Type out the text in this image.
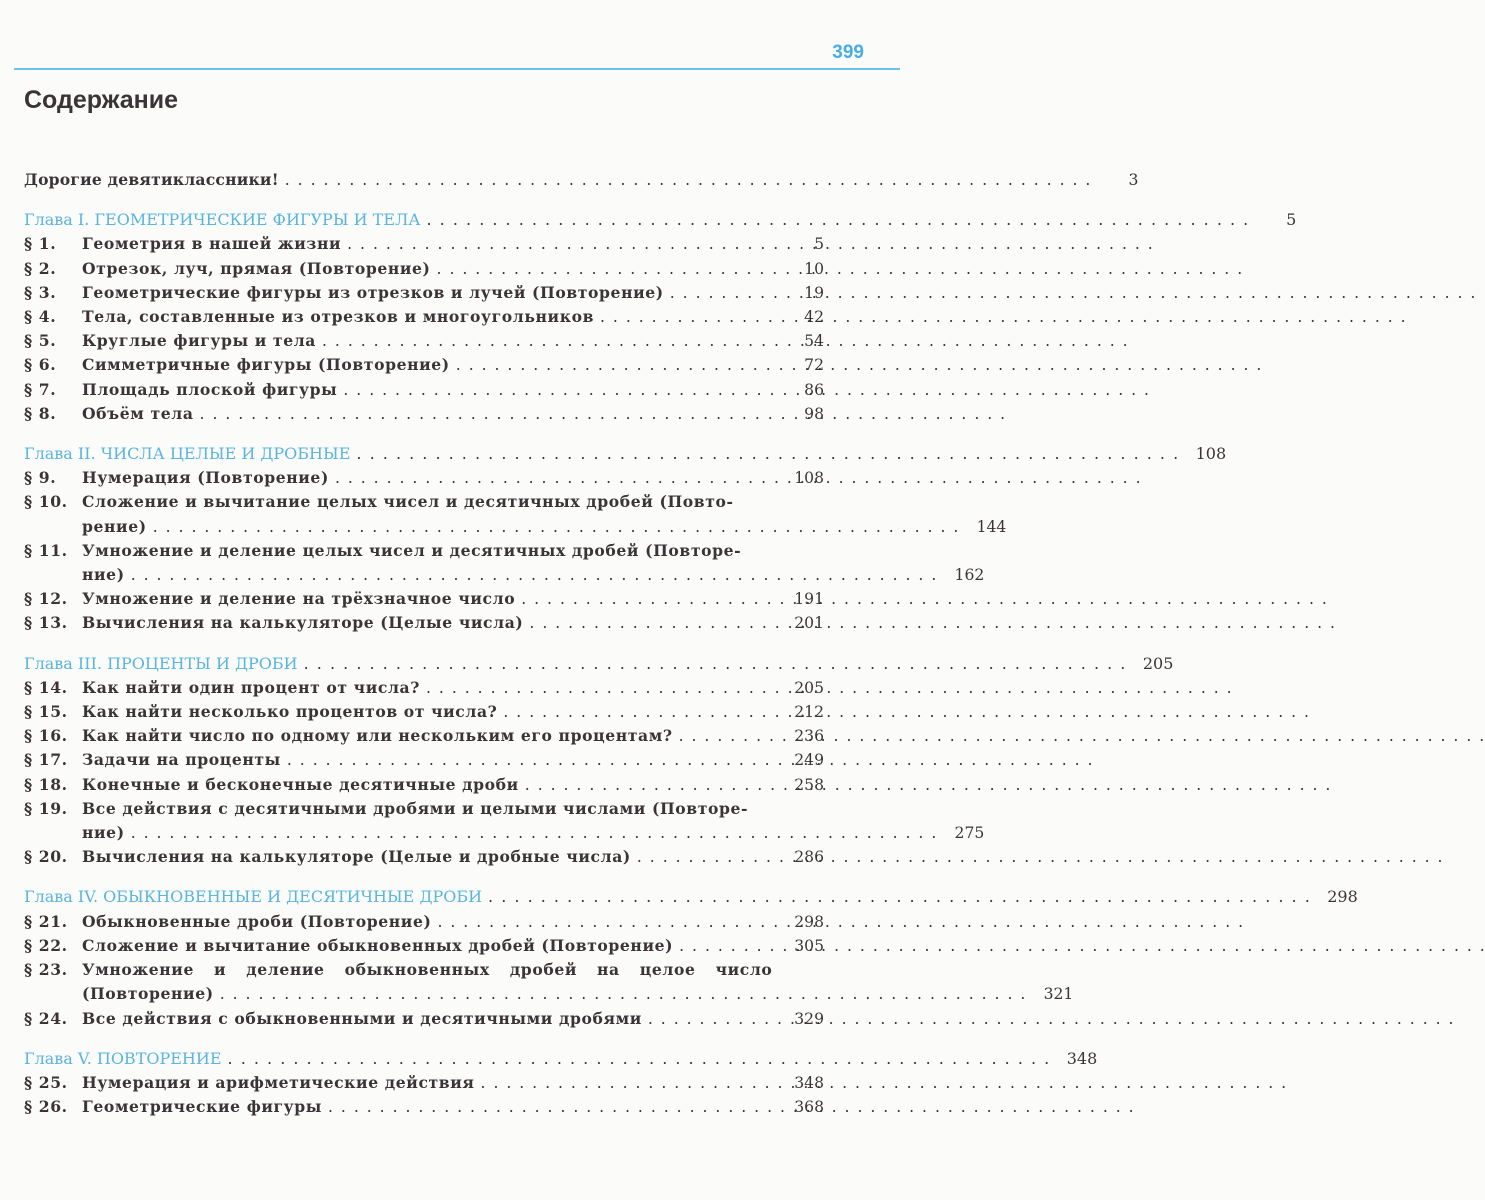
399
Содержание
Дорогие девятиклассники! . . .	3
Глава I. ГЕОМЕТРИЧЕСКИЕ ФИГУРЫ И ТЕЛА . . .	5
§ 1.	Геометрия в нашей жизни . . .	5
§ 2.	Отрезок, луч, прямая (Повторение) . . .	10
§ 3.	Геометрические фигуры из отрезков и лучей (Повторение) . . .	19
§ 4.	Тела, составленные из отрезков и многоугольников . . .	42
§ 5.	Круглые фигуры и тела . . .	54
§ 6.	Симметричные фигуры (Повторение) . . .	72
§ 7.	Площадь плоской фигуры . . .	86
§ 8.	Объём тела . . .	98
Глава II. ЧИСЛА ЦЕЛЫЕ И ДРОБНЫЕ . . .	108
§ 9.	Нумерация (Повторение) . . .	108
§ 10. Сложение и вычитание целых чисел и десятичных дробей (Повто-
рение) . . .	144
§ 11. Умножение и деление целых чисел и десятичных дробей (Повторе-
ние) . . .	162
§ 12. Умножение и деление на трёхзначное число . . .	191
§ 13. Вычисления на калькуляторе (Целые числа) . . .	201
Глава III. ПРОЦЕНТЫ И ДРОБИ . . .	205
§ 14. Как найти один процент от числа? . . .	205
§ 15. Как найти несколько процентов от числа? . . .	212
§ 16. Как найти число по одному или нескольким его процентам? . . .	236
§ 17. Задачи на проценты . . .	249
§ 18. Конечные и бесконечные десятичные дроби . . .	258
§ 19. Все действия с десятичными дробями и целыми числами (Повторе-
ние) . . .	275
§ 20. Вычисления на калькуляторе (Целые и дробные числа) . . .	286
Глава IV. ОБЫКНОВЕННЫЕ И ДЕСЯТИЧНЫЕ ДРОБИ . . .	298
§ 21. Обыкновенные дроби (Повторение) . . .	298
§ 22. Сложение и вычитание обыкновенных дробей (Повторение) . . .	305
§ 23. Умножение и деление обыкновенных дробей на целое число
(Повторение) . . .	321
§ 24. Все действия с обыкновенными и десятичными дробями . . .	329
Глава V. ПОВТОРЕНИЕ . . .	348
§ 25. Нумерация и арифметические действия . . .	348
§ 26. Геометрические фигуры . . .	368
